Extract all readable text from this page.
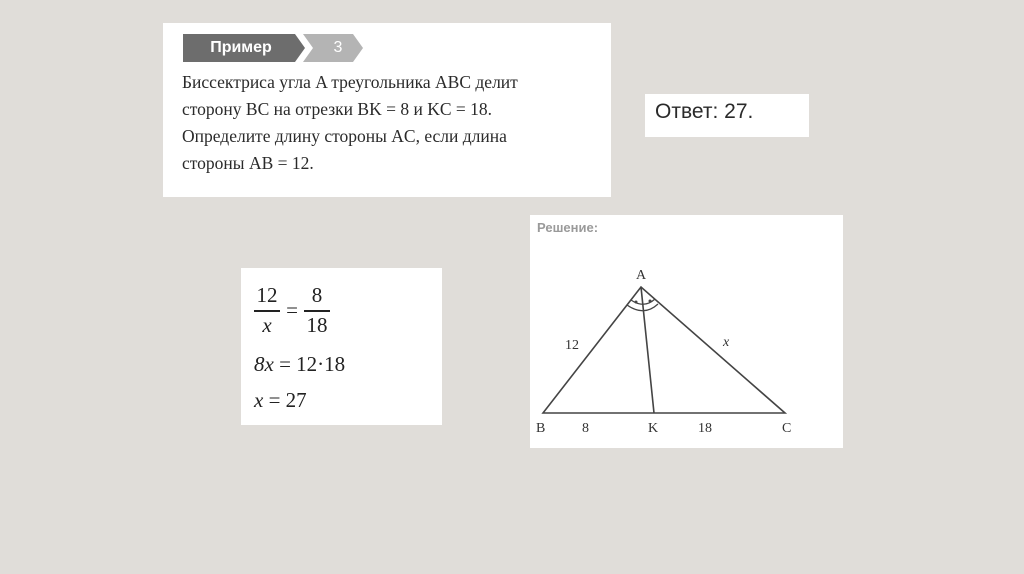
Пример	3

Биссектриса угла A треугольника ABC делит

сторону BC на отрезки BK = 8 и KC = 18.

Определите длину стороны AC, если длина

стороны AB = 12.

Ответ: 27.
12
x
=
8
18
8x = 12·18
x = 27
Решение:
A
B	C
K
12	x
8	18
